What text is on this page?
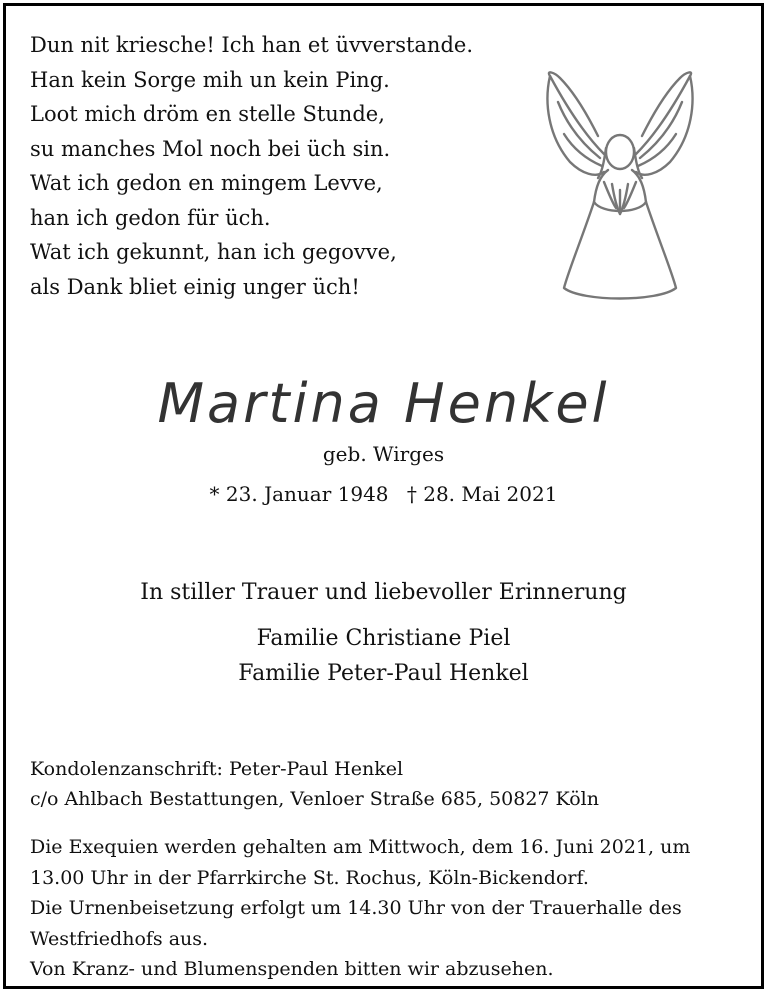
Dun nit kriesche! Ich han et üvverstande.
Han kein Sorge mih un kein Ping.
Loot mich dröm en stelle Stunde,
su manches Mol noch bei üch sin.
Wat ich gedon en mingem Levve,
han ich gedon für üch.
Wat ich gekunnt, han ich gegovve,
als Dank bliet einig unger üch!
Martina Henkel
geb. Wirges
* 23. Januar 1948 † 28. Mai 2021
In stiller Trauer und liebevoller Erinnerung
Familie Christiane Piel
Familie Peter-Paul Henkel
Kondolenzanschrift: Peter-Paul Henkel
c/o Ahlbach Bestattungen, Venloer Straße 685, 50827 Köln
Die Exequien werden gehalten am Mittwoch, dem 16. Juni 2021, um
13.00 Uhr in der Pfarrkirche St. Rochus, Köln-Bickendorf.
Die Urnenbeisetzung erfolgt um 14.30 Uhr von der Trauerhalle des
Westfriedhofs aus.
Von Kranz- und Blumenspenden bitten wir abzusehen.
